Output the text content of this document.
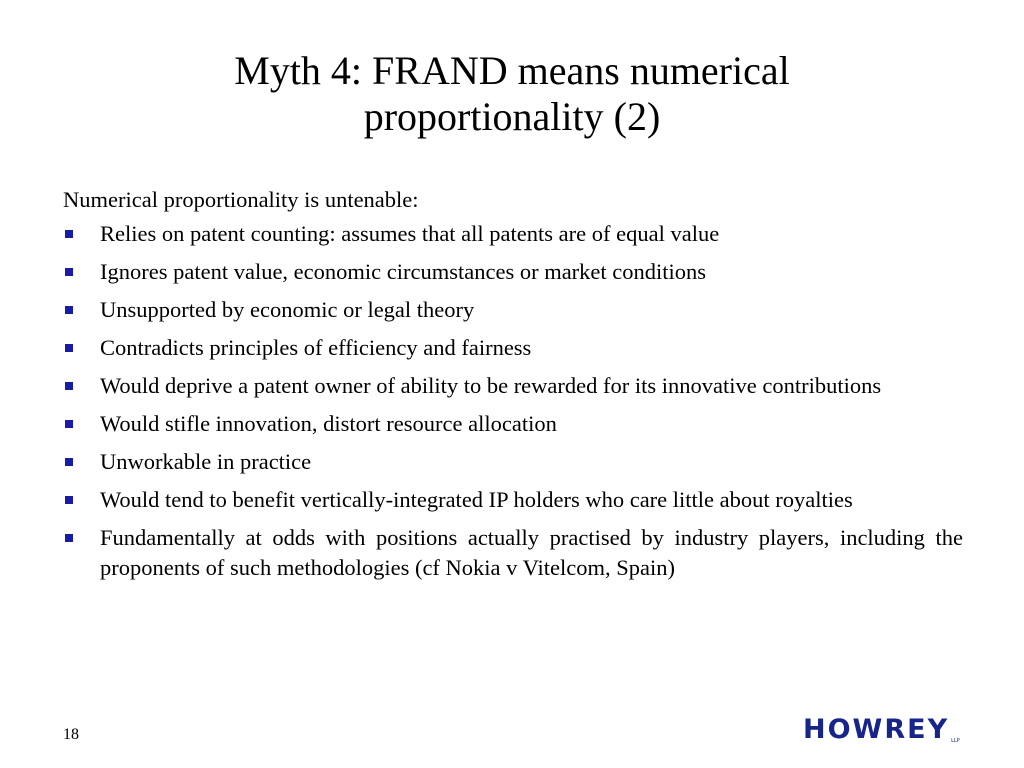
Myth 4: FRAND means numerical
proportionality (2)

Numerical proportionality is untenable:

Relies on patent counting: assumes that all patents are of equal value
Ignores patent value, economic circumstances or market conditions
Unsupported by economic or legal theory
Contradicts principles of efficiency and fairness
Would deprive a patent owner of ability to be rewarded for its innovative contributions
Would stifle innovation, distort resource allocation
Unworkable in practice
Would tend to benefit vertically-integrated IP holders who care little about royalties
Fundamentally at odds with positions actually practised by industry players, including the proponents of such methodologies (cf Nokia v Vitelcom, Spain)
18	HOWREY LLP
